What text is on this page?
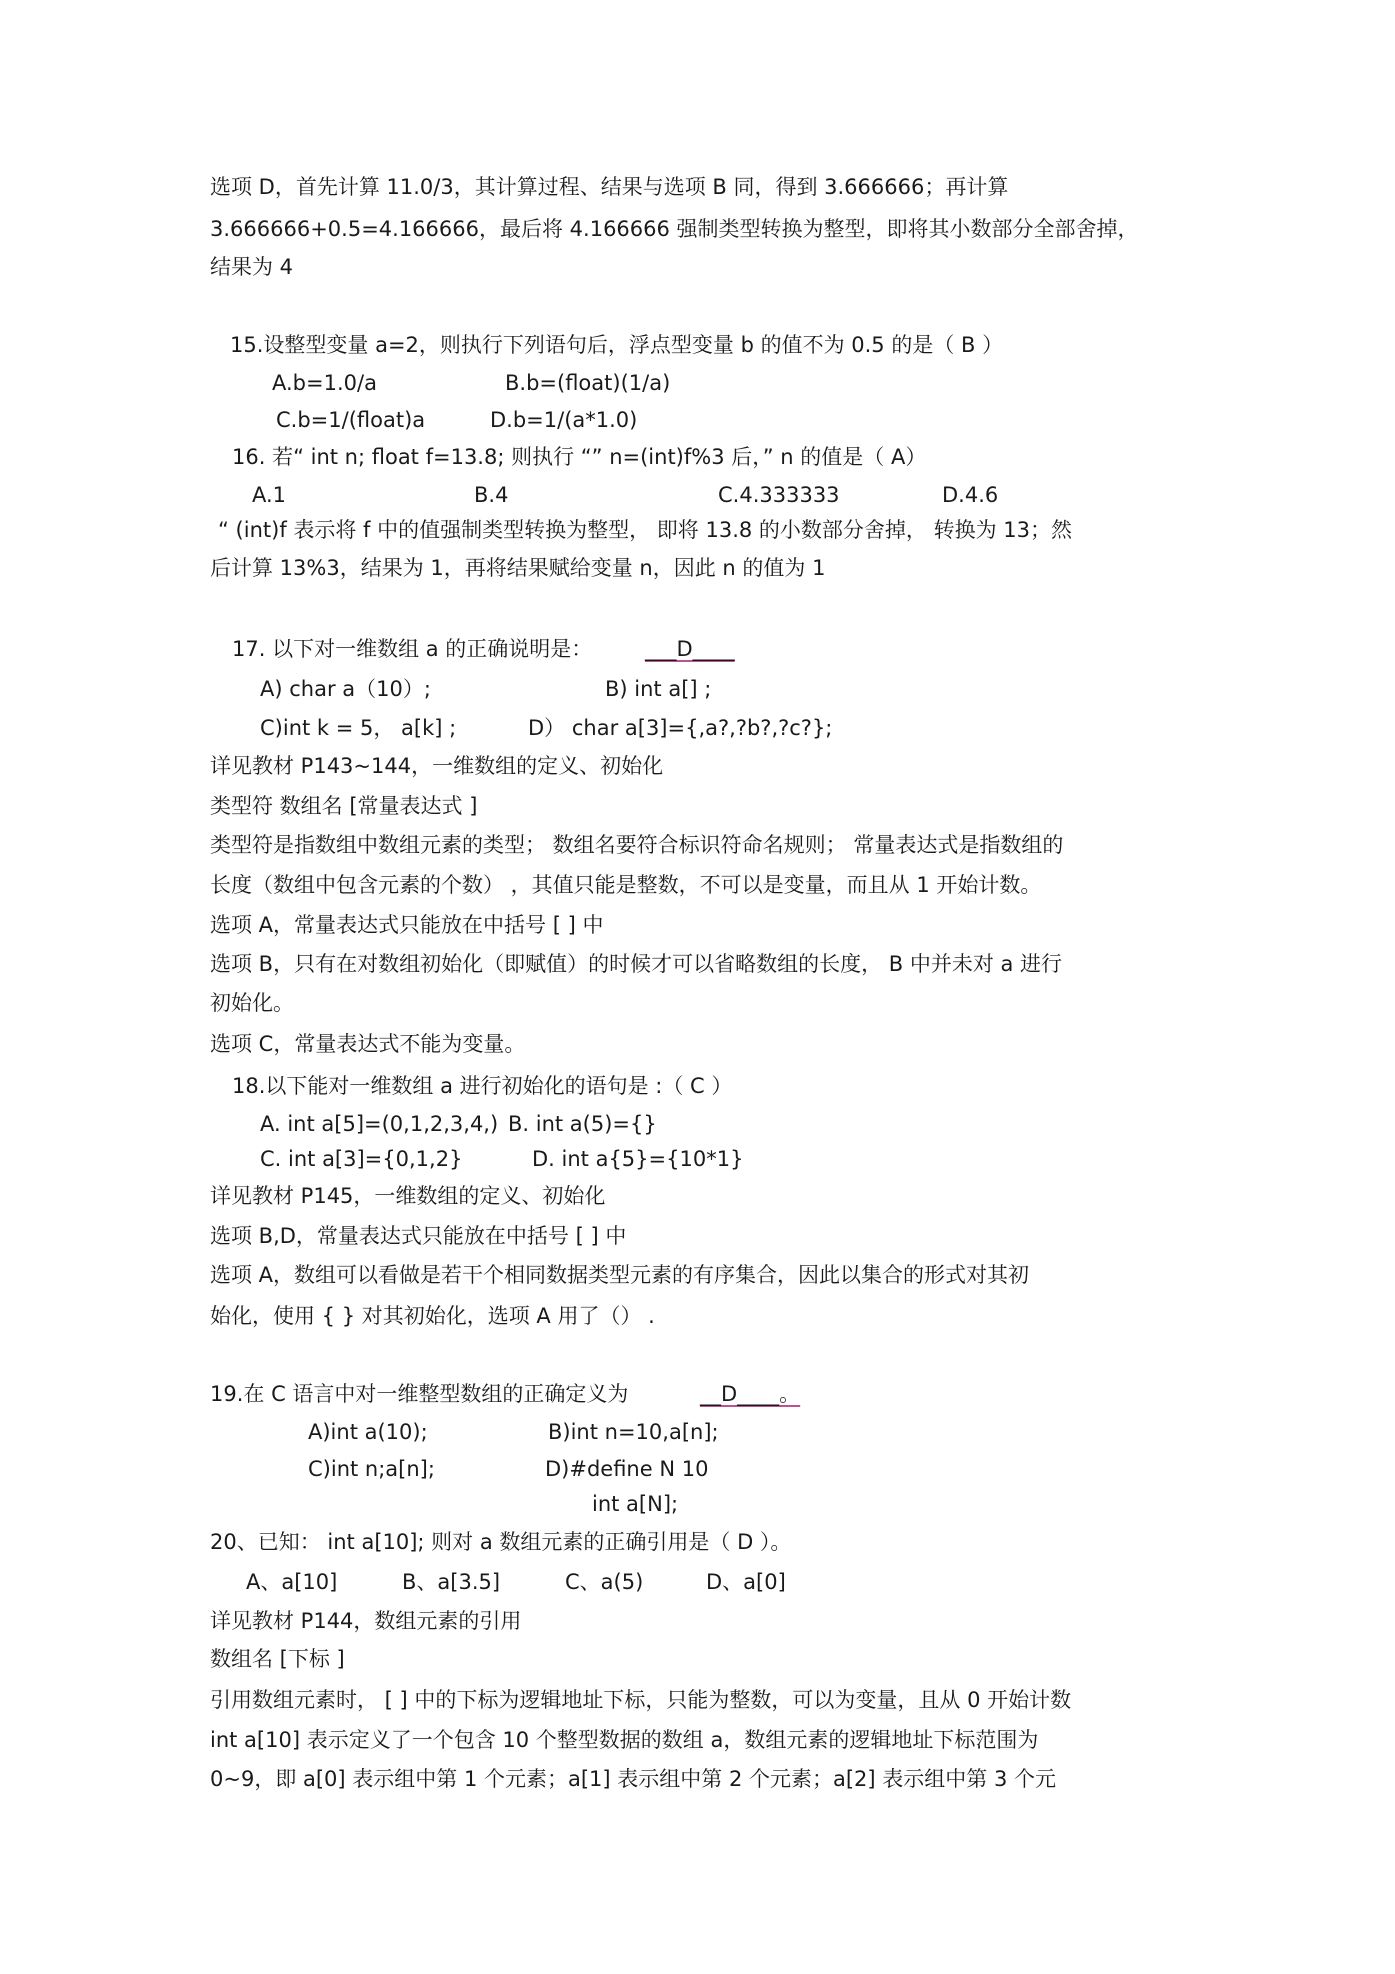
选项 D，首先计算 11.0/3，其计算过程、结果与选项 B 同，得到 3.666666；再计算
3.666666+0.5=4.166666，最后将 4.166666 强制类型转换为整型，即将其小数部分全部舍掉，
结果为 4
15.设整型变量 a=2，则执行下列语句后，浮点型变量 b 的值不为 0.5 的是（ B ）
A.b=1.0/a	B.b=(float)(1/a)
C.b=1/(float)a	D.b=1/(a*1.0)
16. 若“ int n; float f=13.8; 则执行 “” n=(int)f%3 后，” n 的值是（ A）
A.1	B.4	C.4.333333	D.4.6
“ (int)f 表示将 f 中的值强制类型转换为整型， 即将 13.8 的小数部分舍掉， 转换为 13；然
后计算 13%3，结果为 1，再将结果赋给变量 n，因此 n 的值为 1
17. 以下对一维数组 a 的正确说明是：	___D____
A) char a（10）;	B) int a[] ;
C)int k = 5， a[k] ;	D） char a[3]={,a?,?b?,?c?};
详见教材 P143~144，一维数组的定义、初始化
类型符 数组名 [常量表达式 ]
类型符是指数组中数组元素的类型； 数组名要符合标识符命名规则； 常量表达式是指数组的
长度（数组中包含元素的个数） ，其值只能是整数，不可以是变量，而且从 1 开始计数。
选项 A，常量表达式只能放在中括号 [ ] 中
选项 B，只有在对数组初始化（即赋值）的时候才可以省略数组的长度， B 中并未对 a 进行
初始化。
选项 C，常量表达式不能为变量。
18.以下能对一维数组 a 进行初始化的语句是 :（ C ）
A. int a[5]=(0,1,2,3,4,) B. int a(5)={}
C. int a[3]={0,1,2}	D. int a{5}={10*1}
详见教材 P145，一维数组的定义、初始化
选项 B,D，常量表达式只能放在中括号 [ ] 中
选项 A，数组可以看做是若干个相同数据类型元素的有序集合，因此以集合的形式对其初
始化，使用 { } 对其初始化，选项 A 用了（） .
19.在 C 语言中对一维整型数组的正确定义为	__D____。
A)int a(10);	B)int n=10,a[n];
C)int n;a[n];	D)#define N 10
int a[N];
20、已知： int a[10]; 则对 a 数组元素的正确引用是（ D ）。
A、a[10]	B、a[3.5]	C、a(5)	D、a[0]
详见教材 P144，数组元素的引用
数组名 [下标 ]
引用数组元素时， [ ] 中的下标为逻辑地址下标，只能为整数，可以为变量，且从 0 开始计数
int a[10] 表示定义了一个包含 10 个整型数据的数组 a，数组元素的逻辑地址下标范围为
0~9，即 a[0] 表示组中第 1 个元素；a[1] 表示组中第 2 个元素；a[2] 表示组中第 3 个元
